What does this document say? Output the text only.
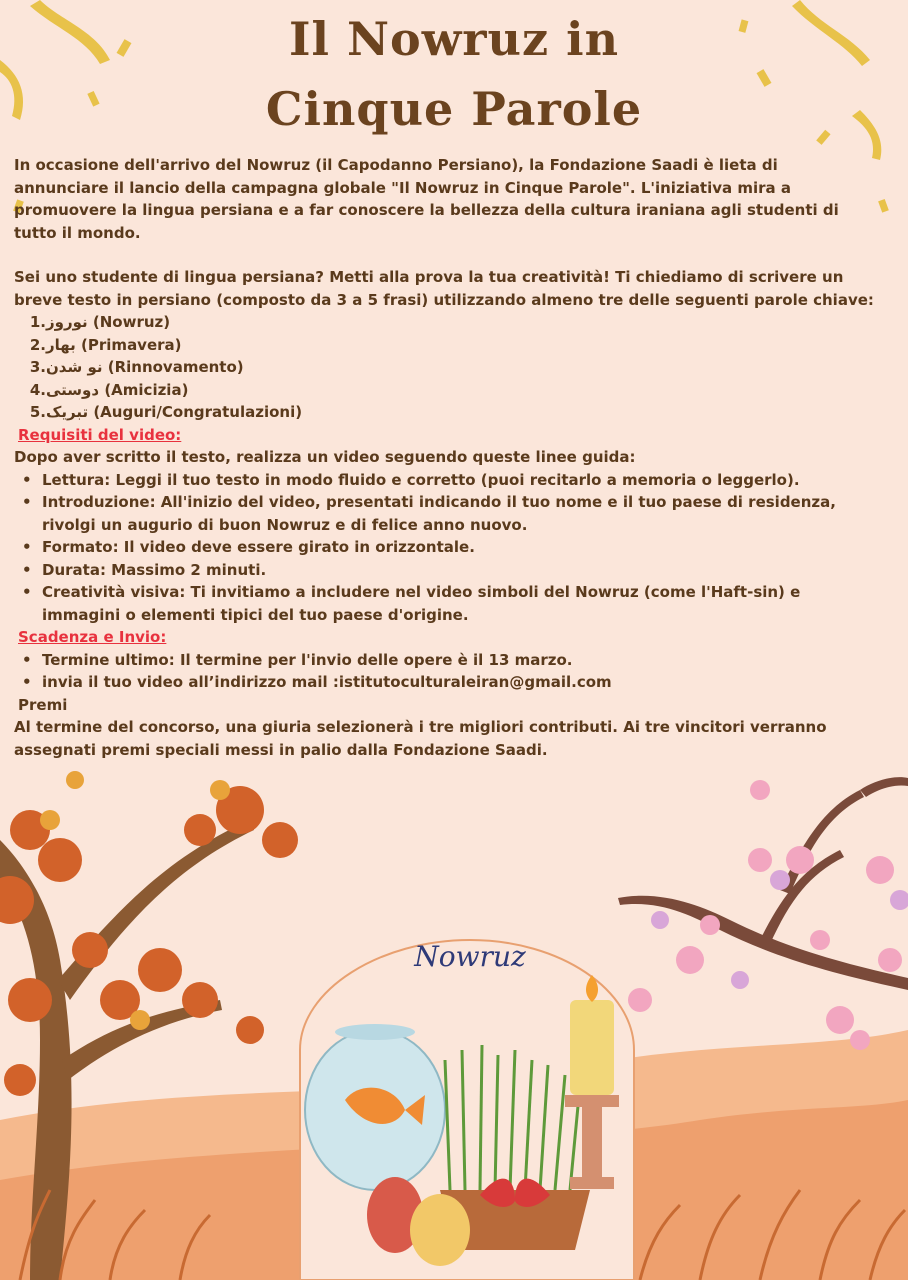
Il Nowruz in
Cinque Parole

In occasione dell'arrivo del Nowruz (il Capodanno Persiano), la Fondazione Saadi è lieta di

annunciare il lancio della campagna globale "Il Nowruz in Cinque Parole". L'iniziativa mira a

promuovere la lingua persiana e a far conoscere la bellezza della cultura iraniana agli studenti di

tutto il mondo.

Sei uno studente di lingua persiana? Metti alla prova la tua creatività! Ti chiediamo di scrivere un

breve testo in persiano (composto da 3 a 5 frasi) utilizzando almeno tre delle seguenti parole chiave:

1.نوروز (Nowruz)

2.بهار (Primavera)

3.نو شدن (Rinnovamento)

4.دوستی (Amicizia)

5.تبریک (Auguri/Congratulazioni)

Requisiti del video:

Dopo aver scritto il testo, realizza un video seguendo queste linee guida:

• Lettura: Leggi il tuo testo in modo fluido e corretto (puoi recitarlo a memoria o leggerlo).

• Introduzione: All'inizio del video, presentati indicando il tuo nome e il tuo paese di residenza,

rivolgi un augurio di buon Nowruz e di felice anno nuovo.

• Formato: Il video deve essere girato in orizzontale.

• Durata: Massimo 2 minuti.

• Creatività visiva: Ti invitiamo a includere nel video simboli del Nowruz (come l'Haft-sin) e

immagini o elementi tipici del tuo paese d'origine.

Scadenza e Invio:

• Termine ultimo: Il termine per l'invio delle opere è il 13 marzo.

• invia il tuo video all’indirizzo mail :istitutoculturaleiran@gmail.com

Premi

Al termine del concorso, una giuria selezionerà i tre migliori contributi. Ai tre vincitori verranno

assegnati premi speciali messi in palio dalla Fondazione Saadi.

Nowruz
